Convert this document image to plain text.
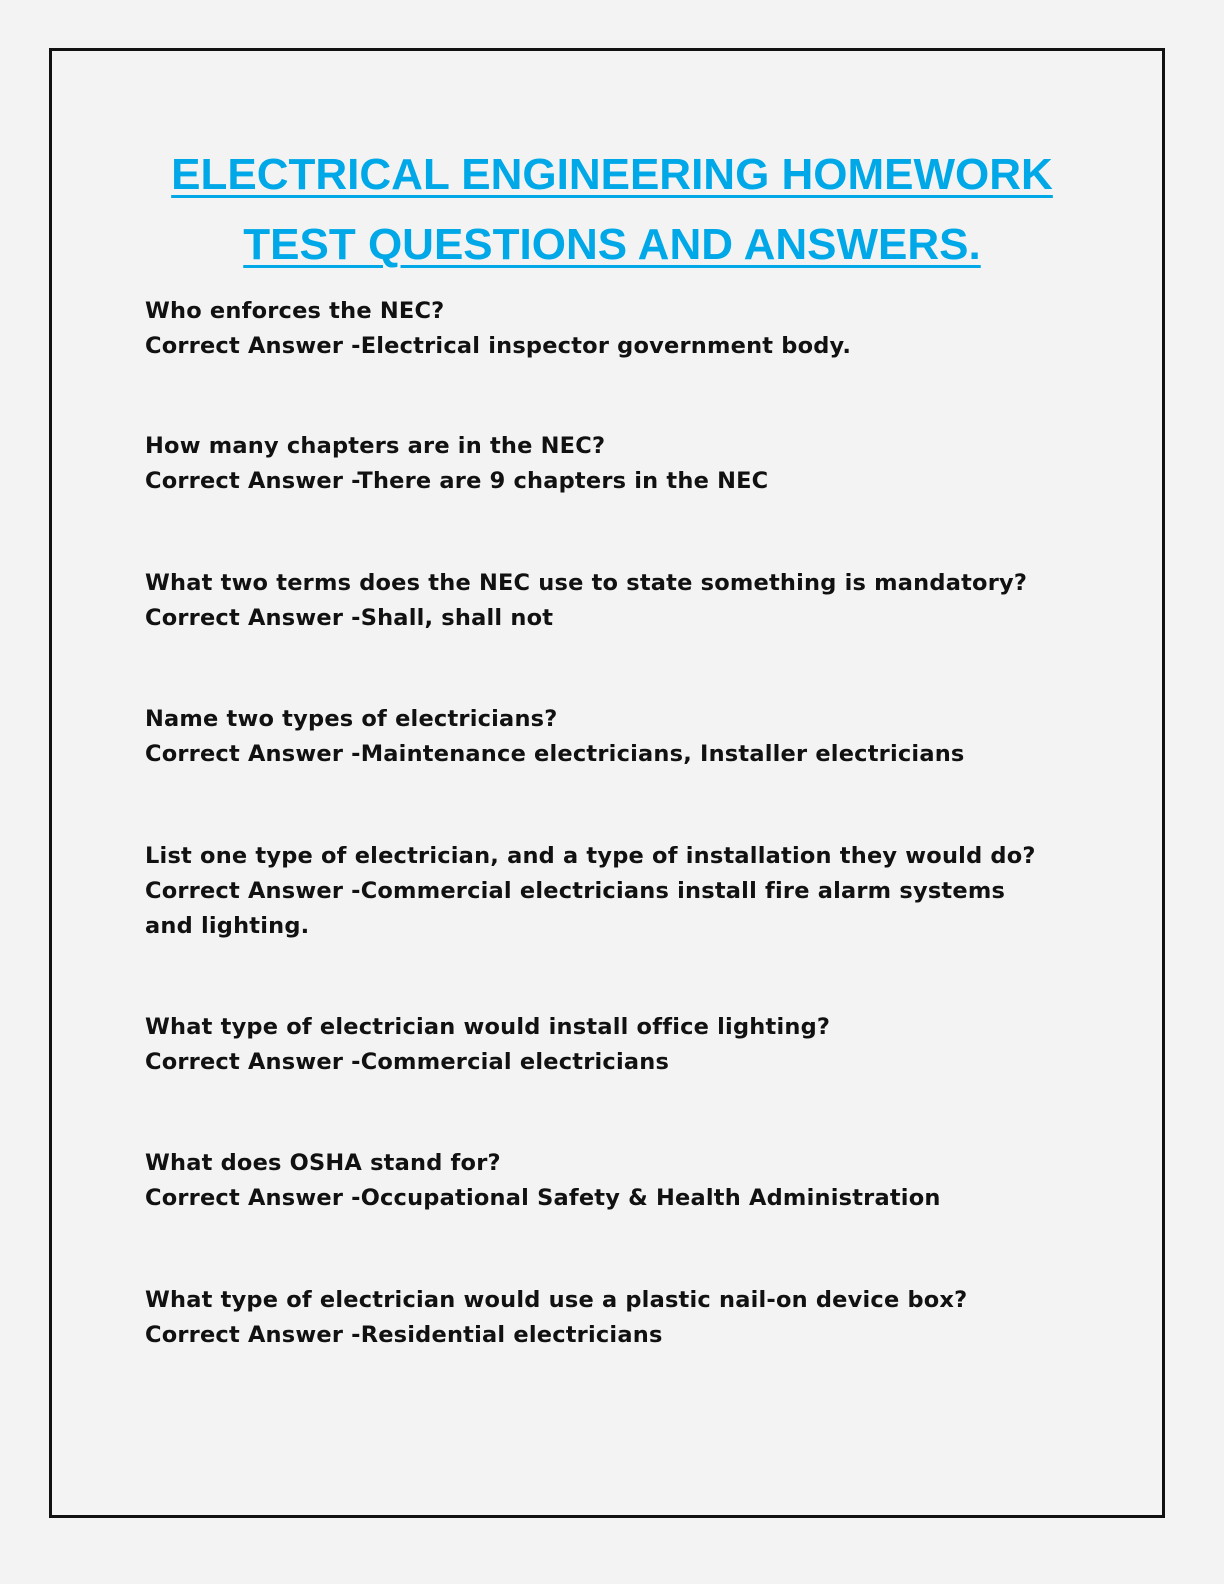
ELECTRICAL ENGINEERING HOMEWORK
TEST QUESTIONS AND ANSWERS.

Who enforces the NEC?

Correct Answer -Electrical inspector government body.

How many chapters are in the NEC?

Correct Answer -There are 9 chapters in the NEC

What two terms does the NEC use to state something is mandatory?

Correct Answer -Shall, shall not

Name two types of electricians?

Correct Answer -Maintenance electricians, Installer electricians

List one type of electrician, and a type of installation they would do?

Correct Answer -Commercial electricians install fire alarm systems and lighting.

What type of electrician would install office lighting?

Correct Answer -Commercial electricians

What does OSHA stand for?

Correct Answer -Occupational Safety & Health Administration

What type of electrician would use a plastic nail-on device box?

Correct Answer -Residential electricians
